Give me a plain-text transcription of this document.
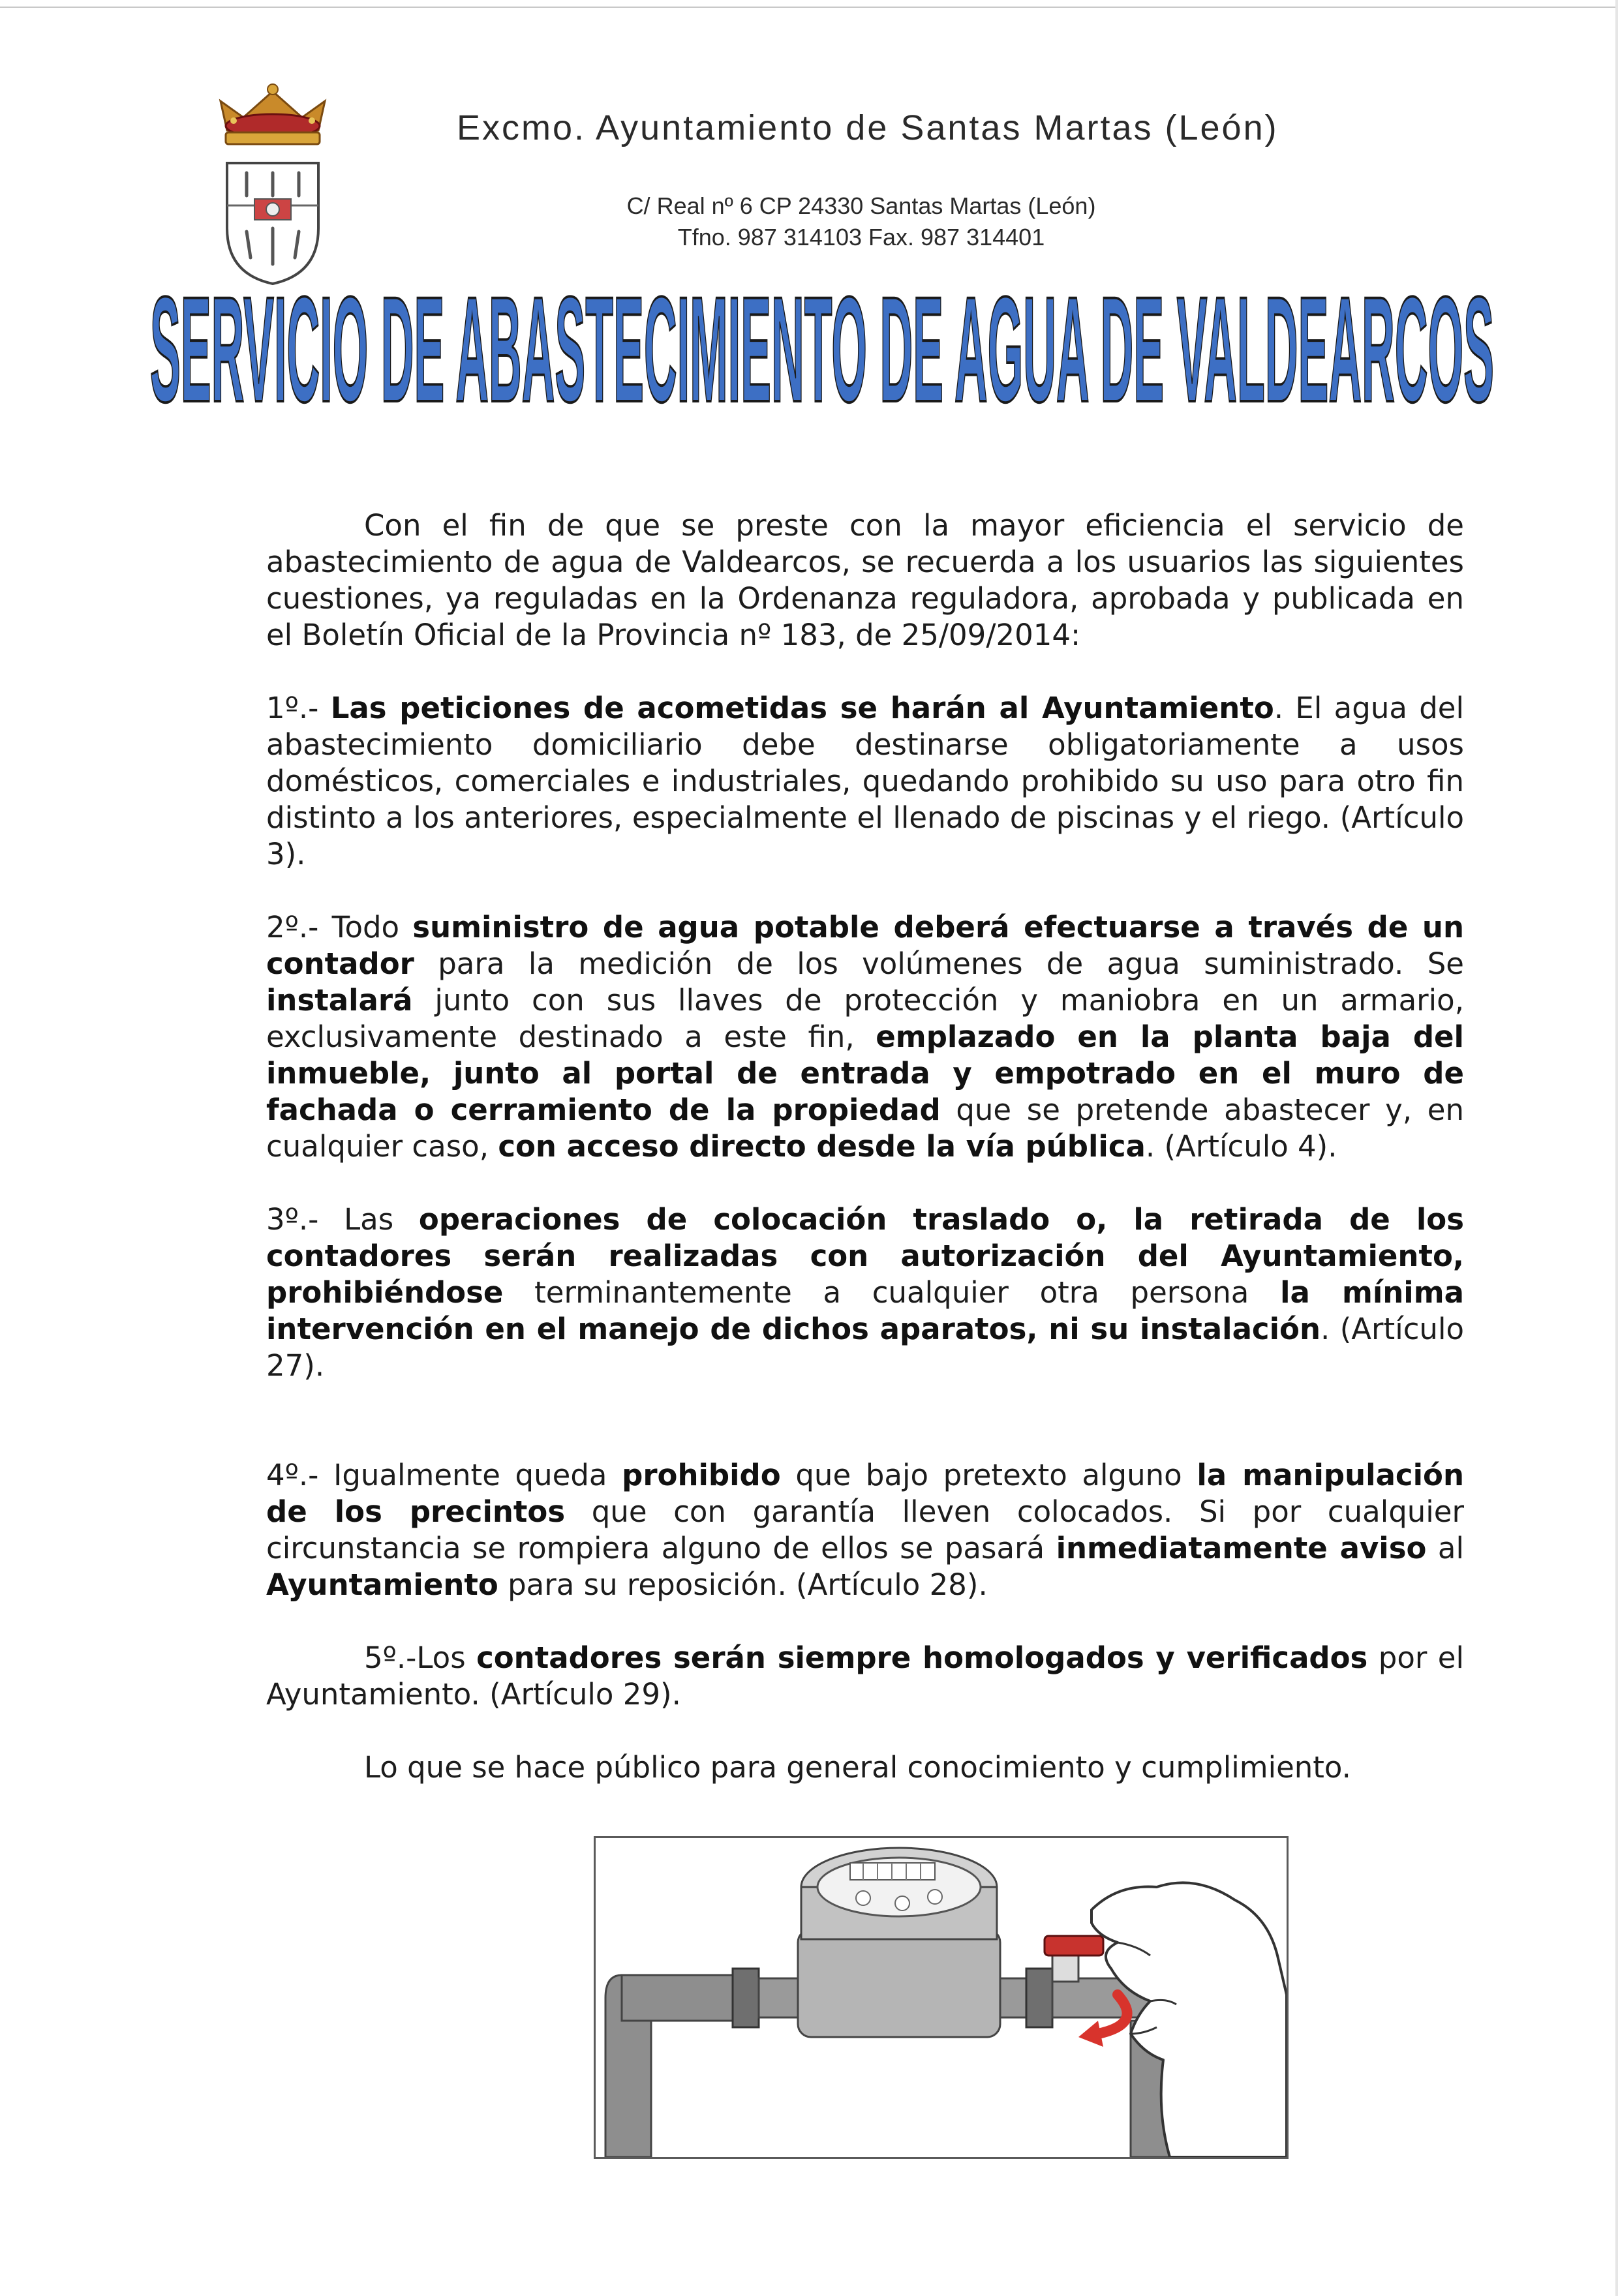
Excmo. Ayuntamiento de Santas Martas (León)
C/ Real nº 6 CP 24330 Santas Martas (León)
Tfno. 987 314103 Fax. 987 314401
SERVICIO DE ABASTECIMIENTO DE AGUA DE VALDEARCOS

Con el fin de que se preste con la mayor eficiencia el servicio de abastecimiento de agua de Valdearcos, se recuerda a los usuarios las siguientes cuestiones, ya reguladas en la Ordenanza reguladora, aprobada y publicada en el Boletín Oficial de la Provincia nº 183, de 25/09/2014:

1º.- Las peticiones de acometidas se harán al Ayuntamiento. El agua del abastecimiento domiciliario debe destinarse obligatoriamente a usos domésticos, comerciales e industriales, quedando prohibido su uso para otro fin distinto a los anteriores, especialmente el llenado de piscinas y el riego. (Artículo 3).

2º.- Todo suministro de agua potable deberá efectuarse a través de un contador para la medición de los volúmenes de agua suministrado. Se instalará junto con sus llaves de protección y maniobra en un armario, exclusivamente destinado a este fin, emplazado en la planta baja del inmueble, junto al portal de entrada y empotrado en el muro de fachada o cerramiento de la propiedad que se pretende abastecer y, en cualquier caso, con acceso directo desde la vía pública. (Artículo 4).

3º.- Las operaciones de colocación traslado o, la retirada de los contadores serán realizadas con autorización del Ayuntamiento, prohibiéndose terminantemente a cualquier otra persona la mínima intervención en el manejo de dichos aparatos, ni su instalación. (Artículo 27).

4º.- Igualmente queda prohibido que bajo pretexto alguno la manipulación de los precintos que con garantía lleven colocados. Si por cualquier circunstancia se rompiera alguno de ellos se pasará inmediatamente aviso al Ayuntamiento para su reposición. (Artículo 28).

5º.-Los contadores serán siempre homologados y verificados por el Ayuntamiento. (Artículo 29).

Lo que se hace público para general conocimiento y cumplimiento.
